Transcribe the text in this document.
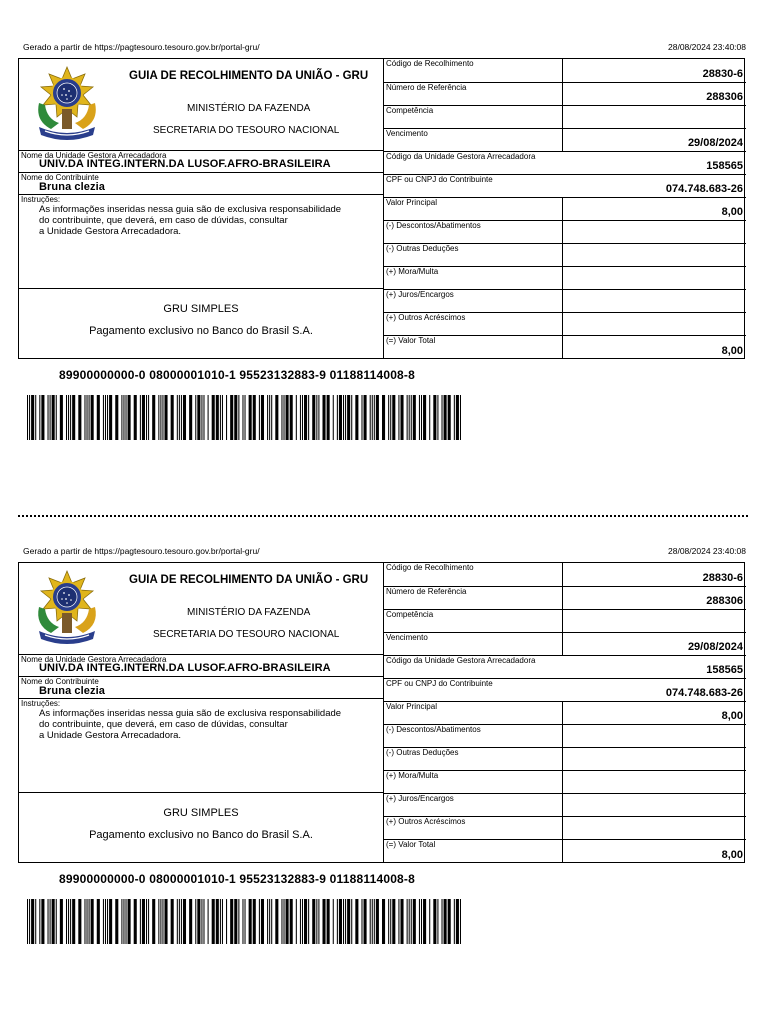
Gerado a partir de https://pagtesouro.tesouro.gov.br/portal-gru/	28/08/2024 23:40:08
GUIA DE RECOLHIMENTO DA UNIÃO - GRU
MINISTÉRIO DA FAZENDA
SECRETARIA DO TESOURO NACIONAL
Nome da Unidade Gestora Arrecadadora
UNIV.DA INTEG.INTERN.DA LUSOF.AFRO-BRASILEIRA
Nome do Contribuinte
Bruna clezia
Instruções:
As informações inseridas nessa guia são de exclusiva responsabilidade
do contribuinte, que deverá, em caso de dúvidas, consultar
a Unidade Gestora Arrecadadora.
GRU SIMPLES
Pagamento exclusivo no Banco do Brasil S.A.
Código de Recolhimento
28830-6
Número de Referência
288306
Competência
Vencimento
29/08/2024
Código da Unidade Gestora Arrecadadora
158565
CPF ou CNPJ do Contribuinte
074.748.683-26
Valor Principal
8,00
(-) Descontos/Abatimentos
(-) Outras Deduções
(+) Mora/Multa
(+) Juros/Encargos
(+) Outros Acréscimos
(=) Valor Total
8,00
89900000000-0 08000001010-1 95523132883-9 01188114008-8
Gerado a partir de https://pagtesouro.tesouro.gov.br/portal-gru/	28/08/2024 23:40:08
GUIA DE RECOLHIMENTO DA UNIÃO - GRU
MINISTÉRIO DA FAZENDA
SECRETARIA DO TESOURO NACIONAL
Nome da Unidade Gestora Arrecadadora
UNIV.DA INTEG.INTERN.DA LUSOF.AFRO-BRASILEIRA
Nome do Contribuinte
Bruna clezia
Instruções:
As informações inseridas nessa guia são de exclusiva responsabilidade
do contribuinte, que deverá, em caso de dúvidas, consultar
a Unidade Gestora Arrecadadora.
GRU SIMPLES
Pagamento exclusivo no Banco do Brasil S.A.
Código de Recolhimento
28830-6
Número de Referência
288306
Competência
Vencimento
29/08/2024
Código da Unidade Gestora Arrecadadora
158565
CPF ou CNPJ do Contribuinte
074.748.683-26
Valor Principal
8,00
(-) Descontos/Abatimentos
(-) Outras Deduções
(+) Mora/Multa
(+) Juros/Encargos
(+) Outros Acréscimos
(=) Valor Total
8,00
89900000000-0 08000001010-1 95523132883-9 01188114008-8
